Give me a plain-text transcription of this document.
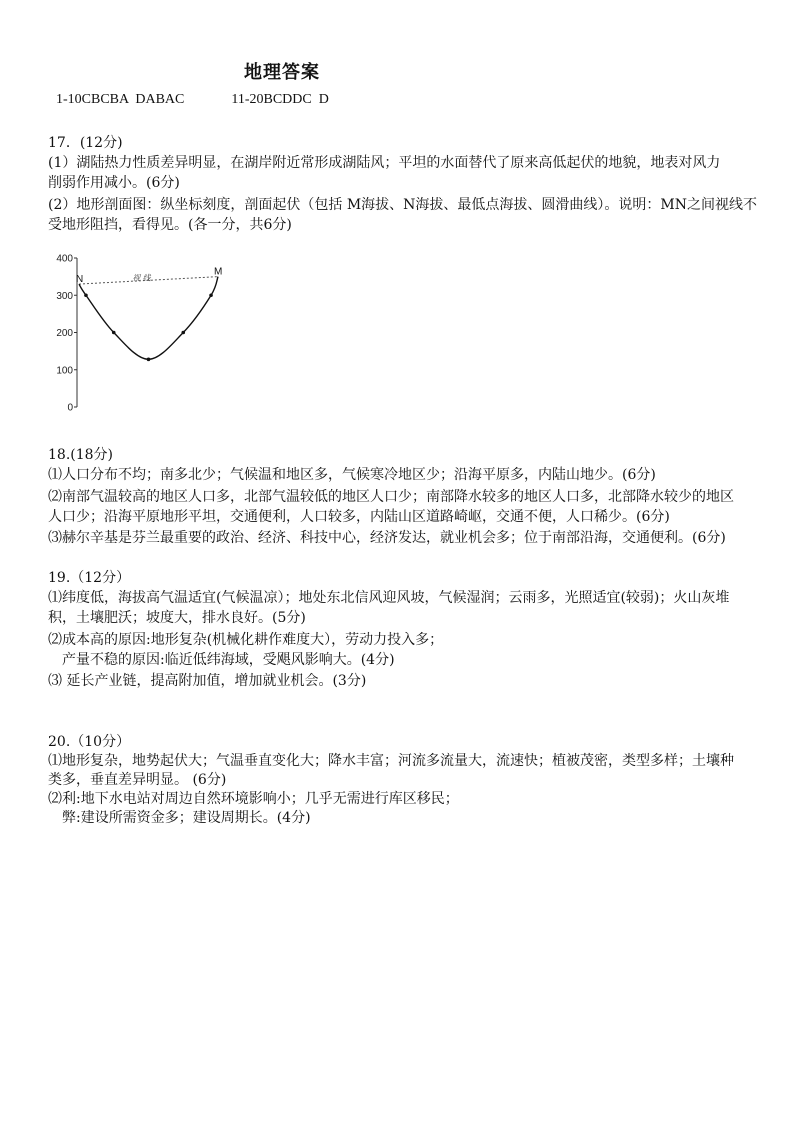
地理答案
1-10CBCBA  DABAC	11-20BCDDC  D
17．(12分)
(1）湖陆热力性质差异明显，在湖岸附近常形成湖陆风；平坦的水面替代了原来高低起伏的地貌，地表对风力
削弱作用减小。(6分)
(2）地形剖面图：纵坐标刻度，剖面起伏（包括 M海拔、N海拔、最低点海拔、圆滑曲线）。说明：MN之间视线不
受地形阻挡，看得见。(各一分，共6分)
400
300
200
100
0
视 线
N
M
18.(18分)
⑴人口分布不均；南多北少；气候温和地区多，气候寒冷地区少；沿海平原多，内陆山地少。(6分)
⑵南部气温较高的地区人口多，北部气温较低的地区人口少；南部降水较多的地区人口多，北部降水较少的地区
人口少；沿海平原地形平坦，交通便利，人口较多，内陆山区道路崎岖，交通不便，人口稀少。(6分)
⑶赫尔辛基是芬兰最重要的政治、经济、科技中心，经济发达，就业机会多；位于南部沿海，交通便利。(6分)
19.（12分）
⑴纬度低，海拔高气温适宜(气候温凉）；地处东北信风迎风坡，气候湿润；云雨多，光照适宜(较弱)；火山灰堆
积，土壤肥沃；坡度大，排水良好。(5分)
⑵成本高的原因:地形复杂(机械化耕作难度大），劳动力投入多；
产量不稳的原因:临近低纬海域，受飓风影响大。(4分)
⑶ 延长产业链，提高附加值，增加就业机会。(3分)
20.（10分）
⑴地形复杂，地势起伏大；气温垂直变化大；降水丰富；河流多流量大，流速快；植被茂密，类型多样；土壤种
类多，垂直差异明显。 (6分)
⑵利:地下水电站对周边自然环境影响小；几乎无需进行库区移民；
弊:建设所需资金多；建设周期长。(4分)
